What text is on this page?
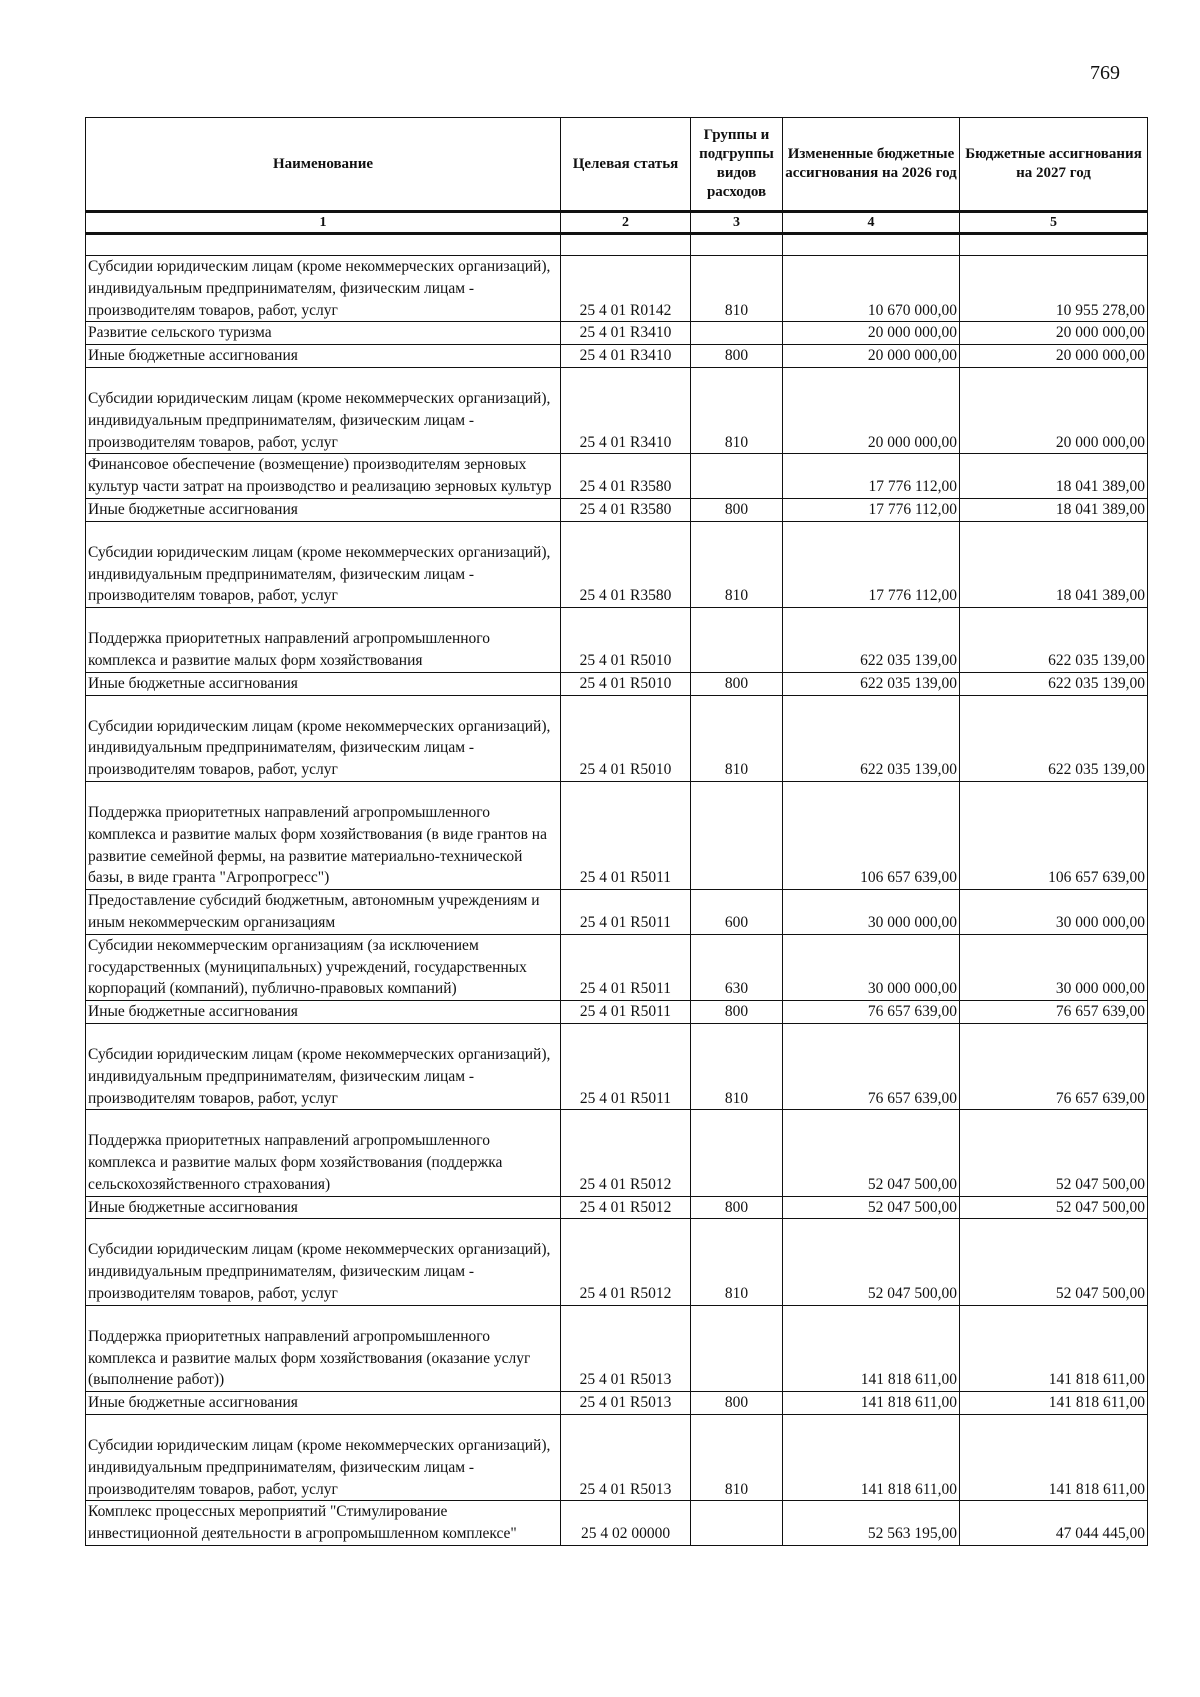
769
Наименование	Целевая статья	Группы и подгруппы видов расходов	Измененные бюджетные ассигнования на 2026 год	Бюджетные ассигнования на 2027 год
1	2	3	4	5

Субсидии юридическим лицам (кроме некоммерческих организаций), индивидуальным предпринимателям, физическим лицам - производителям товаров, работ, услуг	25 4 01 R0142	810	10 670 000,00	10 955 278,00
Развитие сельского туризма	25 4 01 R3410		20 000 000,00	20 000 000,00
Иные бюджетные ассигнования	25 4 01 R3410	800	20 000 000,00	20 000 000,00
Субсидии юридическим лицам (кроме некоммерческих организаций), индивидуальным предпринимателям, физическим лицам - производителям товаров, работ, услуг	25 4 01 R3410	810	20 000 000,00	20 000 000,00
Финансовое обеспечение (возмещение) производителям зерновых культур части затрат на производство и реализацию зерновых культур	25 4 01 R3580		17 776 112,00	18 041 389,00
Иные бюджетные ассигнования	25 4 01 R3580	800	17 776 112,00	18 041 389,00
Субсидии юридическим лицам (кроме некоммерческих организаций), индивидуальным предпринимателям, физическим лицам - производителям товаров, работ, услуг	25 4 01 R3580	810	17 776 112,00	18 041 389,00
Поддержка приоритетных направлений агропромышленного комплекса и развитие малых форм хозяйствования	25 4 01 R5010		622 035 139,00	622 035 139,00
Иные бюджетные ассигнования	25 4 01 R5010	800	622 035 139,00	622 035 139,00
Субсидии юридическим лицам (кроме некоммерческих организаций), индивидуальным предпринимателям, физическим лицам - производителям товаров, работ, услуг	25 4 01 R5010	810	622 035 139,00	622 035 139,00
Поддержка приоритетных направлений агропромышленного комплекса и развитие малых форм хозяйствования (в виде грантов на развитие семейной фермы, на развитие материально-технической базы, в виде гранта "Агропрогресс")	25 4 01 R5011		106 657 639,00	106 657 639,00
Предоставление субсидий бюджетным, автономным учреждениям и иным некоммерческим организациям	25 4 01 R5011	600	30 000 000,00	30 000 000,00
Субсидии некоммерческим организациям (за исключением государственных (муниципальных) учреждений, государственных корпораций (компаний), публично-правовых компаний)	25 4 01 R5011	630	30 000 000,00	30 000 000,00
Иные бюджетные ассигнования	25 4 01 R5011	800	76 657 639,00	76 657 639,00
Субсидии юридическим лицам (кроме некоммерческих организаций), индивидуальным предпринимателям, физическим лицам - производителям товаров, работ, услуг	25 4 01 R5011	810	76 657 639,00	76 657 639,00
Поддержка приоритетных направлений агропромышленного комплекса и развитие малых форм хозяйствования (поддержка сельскохозяйственного страхования)	25 4 01 R5012		52 047 500,00	52 047 500,00
Иные бюджетные ассигнования	25 4 01 R5012	800	52 047 500,00	52 047 500,00
Субсидии юридическим лицам (кроме некоммерческих организаций), индивидуальным предпринимателям, физическим лицам - производителям товаров, работ, услуг	25 4 01 R5012	810	52 047 500,00	52 047 500,00
Поддержка приоритетных направлений агропромышленного комплекса и развитие малых форм хозяйствования (оказание услуг (выполнение работ))	25 4 01 R5013		141 818 611,00	141 818 611,00
Иные бюджетные ассигнования	25 4 01 R5013	800	141 818 611,00	141 818 611,00
Субсидии юридическим лицам (кроме некоммерческих организаций), индивидуальным предпринимателям, физическим лицам - производителям товаров, работ, услуг	25 4 01 R5013	810	141 818 611,00	141 818 611,00
Комплекс процессных мероприятий "Стимулирование инвестиционной деятельности в агропромышленном комплексе"	25 4 02 00000		52 563 195,00	47 044 445,00
